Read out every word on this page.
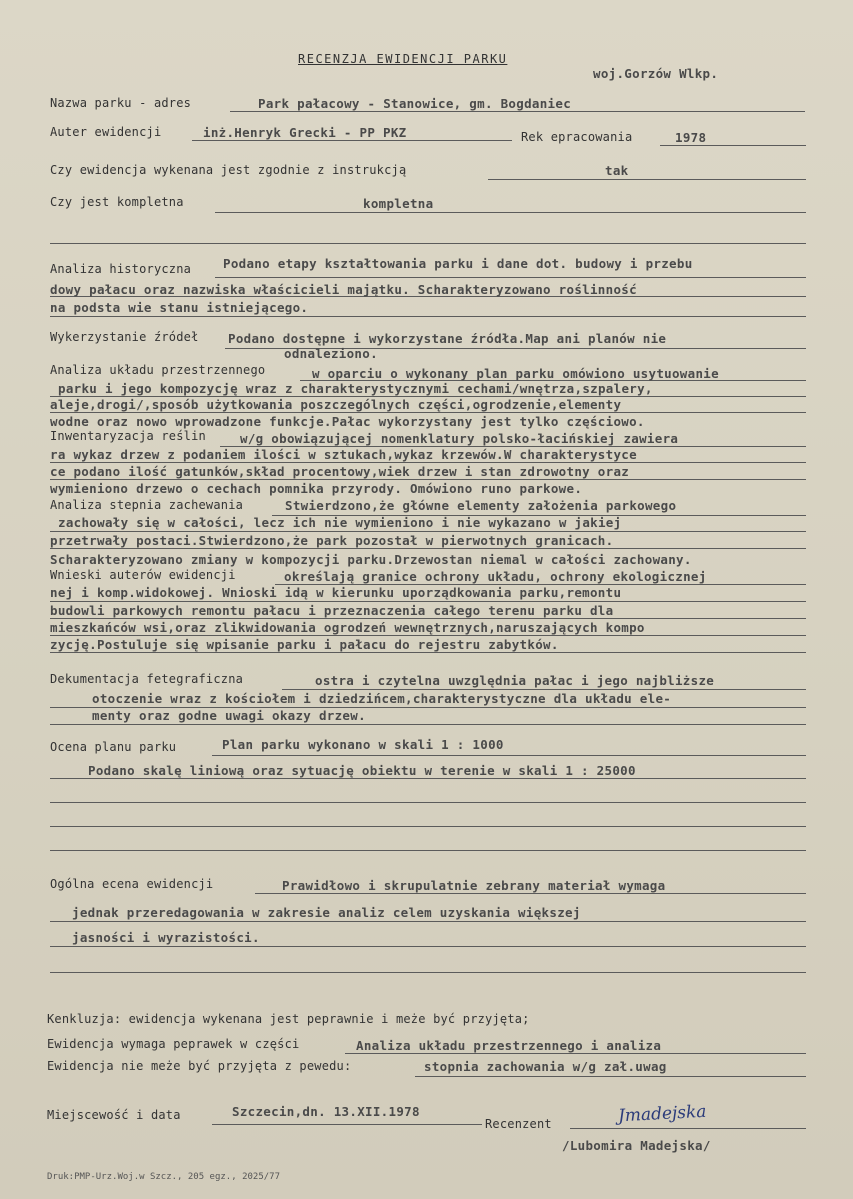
RECENZJA EWIDENCJI PARKU
woj.Gorzów Wlkp.
Nazwa parku - adres	Park pałacowy - Stanowice, gm. Bogdaniec
Auter ewidencji	inż.Henryk Grecki - PP PKZ	Rek epracowania	1978
Czy ewidencja wykenana jest zgodnie z instrukcją	tak
Czy jest kompletna	kompletna
Analiza historyczna	Podano etapy kształtowania parku i dane dot. budowy i przebu
dowy pałacu oraz nazwiska właścicieli majątku. Scharakteryzowano roślinność
na podsta wie stanu istniejącego.
Wykerzystanie źródeł Podano dostępne i wykorzystane źródła.Map ani planów nie
odnaleziono.
Analiza układu przestrzennego	w oparciu o wykonany plan parku omówiono usytuowanie
parku i jego kompozycję wraz z charakterystycznymi cechami/wnętrza,szpalery,
aleje,drogi/,sposób użytkowania poszczególnych części,ogrodzenie,elementy
wodne oraz nowo wprowadzone funkcje.Pałac wykorzystany jest tylko częściowo.
Inwentaryzacja reślin	w/g obowiązującej nomenklatury polsko-łacińskiej zawiera
ra wykaz drzew z podaniem ilości w sztukach,wykaz krzewów.W charakterystyce
ce podano ilość gatunków,skład procentowy,wiek drzew i stan zdrowotny oraz
wymieniono drzewo o cechach pomnika przyrody. Omówiono runo parkowe.
Analiza stepnia zachewania	Stwierdzono,że główne elementy założenia parkowego
zachowały się w całości, lecz ich nie wymieniono i nie wykazano w jakiej
przetrwały postaci.Stwierdzono,że park pozostał w pierwotnych granicach.
Scharakteryzowano zmiany w kompozycji parku.Drzewostan niemal w całości zachowany.
Wnieski auterów ewidencji	określają granice ochrony układu, ochrony ekologicznej
nej i komp.widokowej. Wnioski idą w kierunku uporządkowania parku,remontu
budowli parkowych remontu pałacu i przeznaczenia całego terenu parku dla
mieszkańców wsi,oraz zlikwidowania ogrodzeń wewnętrznych,naruszających kompo
zycję.Postuluje się wpisanie parku i pałacu do rejestru zabytków.
Dekumentacja fetegraficzna	ostra i czytelna uwzględnia pałac i jego najbliższe
otoczenie wraz z kościołem i dziedzińcem,charakterystyczne dla układu ele-
menty oraz godne uwagi okazy drzew.
Ocena planu parku	Plan parku wykonano w skali 1 : 1000
Podano skalę liniową oraz sytuację obiektu w terenie w skali 1 : 25000
Ogólna ecena ewidencji	Prawidłowo i skrupulatnie zebrany materiał wymaga
jednak przeredagowania w zakresie analiz celem uzyskania większej
jasności i wyrazistości.
Kenkluzja: ewidencja wykenana jest peprawnie i meże być przyjęta;
Ewidencja wymaga peprawek w części	Analiza układu przestrzennego i analiza
Ewidencja nie meże być przyjęta z pewedu:	stopnia zachowania w/g zał.uwag
Miejscewość i data	Szczecin,dn. 13.XII.1978
Recenzent	Jmadejska
/Lubomira Madejska/
Druk:PMP-Urz.Woj.w Szcz., 205 egz., 2025/77
